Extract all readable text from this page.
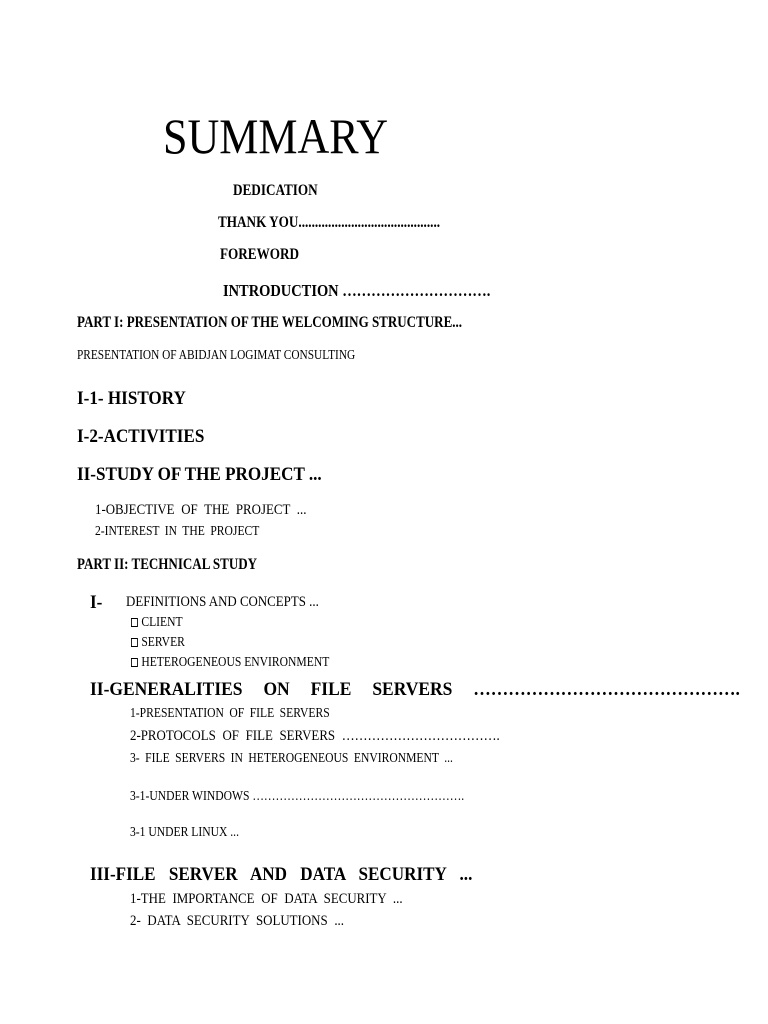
SUMMARY
DEDICATION
THANK YOU...........................................
FOREWORD
INTRODUCTION ………………………….
PART I: PRESENTATION OF THE WELCOMING STRUCTURE...
PRESENTATION OF ABIDJAN LOGIMAT CONSULTING
I-1- HISTORY
I-2-ACTIVITIES
II-STUDY OF THE PROJECT ...
1-OBJECTIVE OF THE PROJECT ...
2-INTEREST IN THE PROJECT
PART II: TECHNICAL STUDY
I- DEFINITIONS AND CONCEPTS ...
CLIENT
SERVER
HETEROGENEOUS ENVIRONMENT
II-GENERALITIES ON FILE SERVERS ……………………………………….
1-PRESENTATION OF FILE SERVERS
2-PROTOCOLS OF FILE SERVERS ……………………………….
3- FILE SERVERS IN HETEROGENEOUS ENVIRONMENT ...
3-1-UNDER WINDOWS ……………………………………………….
3-1 UNDER LINUX ...
III-FILE SERVER AND DATA SECURITY ...
1-THE IMPORTANCE OF DATA SECURITY ...
2- DATA SECURITY SOLUTIONS ...
